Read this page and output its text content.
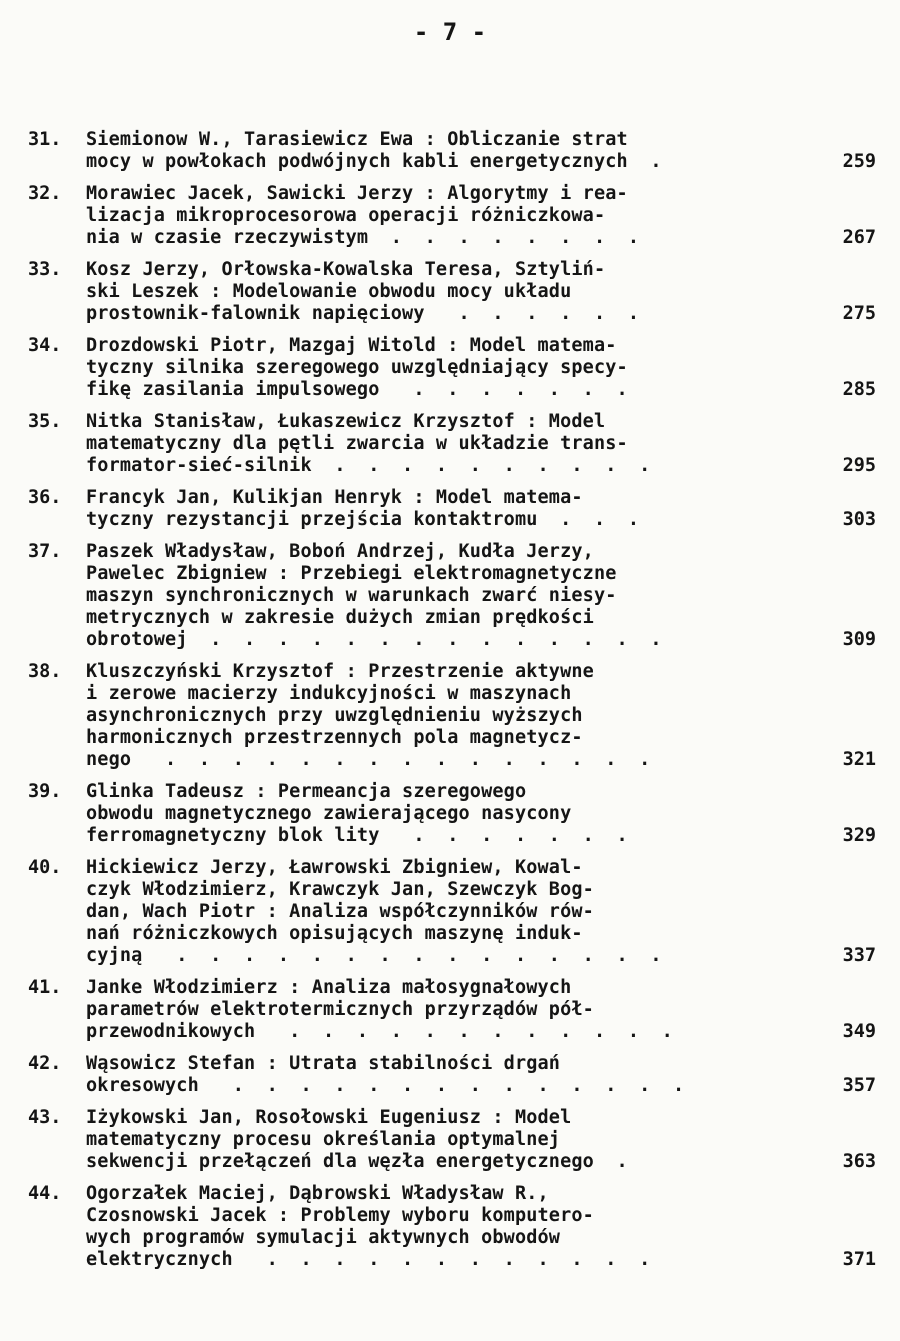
- 7 -
31.	Siemionow W., Tarasiewicz Ewa : Obliczanie strat
mocy w powłokach podwójnych kabli energetycznych  .	259
32.	Morawiec Jacek, Sawicki Jerzy : Algorytmy i rea-
lizacja mikroprocesorowa operacji różniczkowa-
nia w czasie rzeczywistym  .  .  .  .  .  .  .  .	267
33.	Kosz Jerzy, Orłowska-Kowalska Teresa, Sztyliń-
ski Leszek : Modelowanie obwodu mocy układu
prostownik-falownik napięciowy   .  .  .  .  .  .	275
34.	Drozdowski Piotr, Mazgaj Witold : Model matema-
tyczny silnika szeregowego uwzględniający specy-
fikę zasilania impulsowego   .  .  .  .  .  .  .	285
35.	Nitka Stanisław, Łukaszewicz Krzysztof : Model
matematyczny dla pętli zwarcia w układzie trans-
formator-sieć-silnik  .  .  .  .  .  .  .  .  .  .	295
36.	Francyk Jan, Kulikjan Henryk : Model matema-
tyczny rezystancji przejścia kontaktromu  .  .  .	303
37.	Paszek Władysław, Boboń Andrzej, Kudła Jerzy,
Pawelec Zbigniew : Przebiegi elektromagnetyczne
maszyn synchronicznych w warunkach zwarć niesy-
metrycznych w zakresie dużych zmian prędkości
obrotowej  .  .  .  .  .  .  .  .  .  .  .  .  .  .	309
38.	Kluszczyński Krzysztof : Przestrzenie aktywne
i zerowe macierzy indukcyjności w maszynach
asynchronicznych przy uwzględnieniu wyższych
harmonicznych przestrzennych pola magnetycz-
nego   .  .  .  .  .  .  .  .  .  .  .  .  .  .  .	321
39.	Glinka Tadeusz : Permeancja szeregowego
obwodu magnetycznego zawierającego nasycony
ferromagnetyczny blok lity   .  .  .  .  .  .  .	329
40.	Hickiewicz Jerzy, Ławrowski Zbigniew, Kowal-
czyk Włodzimierz, Krawczyk Jan, Szewczyk Bog-
dan, Wach Piotr : Analiza współczynników rów-
nań różniczkowych opisujących maszynę induk-
cyjną   .  .  .  .  .  .  .  .  .  .  .  .  .  .  .	337
41.	Janke Włodzimierz : Analiza małosygnałowych
parametrów elektrotermicznych przyrządów pół-
przewodnikowych   .  .  .  .  .  .  .  .  .  .  .  .	349
42.	Wąsowicz Stefan : Utrata stabilności drgań
okresowych   .  .  .  .  .  .  .  .  .  .  .  .  .  .	357
43.	Iżykowski Jan, Rosołowski Eugeniusz : Model
matematyczny procesu określania optymalnej
sekwencji przełączeń dla węzła energetycznego  .	363
44.	Ogorzałek Maciej, Dąbrowski Władysław R.,
Czosnowski Jacek : Problemy wyboru komputero-
wych programów symulacji aktywnych obwodów
elektrycznych   .  .  .  .  .  .  .  .  .  .  .  .	371
